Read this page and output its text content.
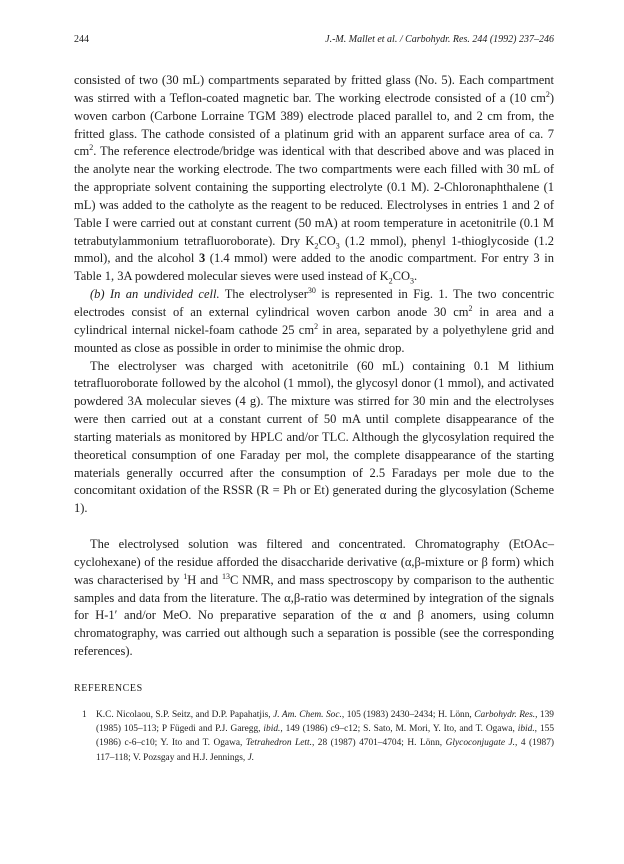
244	J.-M. Mallet et al. / Carbohydr. Res. 244 (1992) 237–246

consisted of two (30 mL) compartments separated by fritted glass (No. 5). Each compartment was stirred with a Teflon-coated magnetic bar. The working electrode consisted of a (10 $cm^2$) woven carbon (Carbone Lorraine TGM 389) electrode placed parallel to, and 2 cm from, the fritted glass. The cathode consisted of a platinum grid with an apparent surface area of ca. 7 $cm^2$. The reference electrode/bridge was identical with that described above and was placed in the anolyte near the working electrode. The two compartments were each filled with 30 mL of the appropriate solvent containing the supporting electrolyte (0.1 M). 2-Chloronaphthalene (1 mL) was added to the catholyte as the reagent to be reduced. Electrolyses in entries 1 and 2 of Table I were carried out at constant current (50 mA) at room temperature in acetonitrile (0.1 M tetrabutylammonium tetrafluoroborate). Dry $K_2CO_3$ (1.2 mmol), phenyl 1-thioglycoside (1.2 mmol), and the alcohol 3 (1.4 mmol) were added to the anodic compartment. For entry 3 in Table 1, 3A powdered molecular sieves were used instead of $K_2CO_3$.

(b) In an undivided cell. The electrolyser$^{30}$ is represented in Fig. 1. The two concentric electrodes consist of an external cylindrical woven carbon anode 30 $cm^2$ in area and a cylindrical internal nickel-foam cathode 25 $cm^2$ in area, separated by a polyethylene grid and mounted as close as possible in order to minimise the ohmic drop.

The electrolyser was charged with acetonitrile (60 mL) containing 0.1 M lithium tetrafluoroborate followed by the alcohol (1 mmol), the glycosyl donor (1 mmol), and activated powdered 3A molecular sieves (4 g). The mixture was stirred for 30 min and the electrolyses were then carried out at a constant current of 50 mA until complete disappearance of the starting materials as monitored by HPLC and/or TLC. Although the glycosylation required the theoretical consumption of one Faraday per mol, the complete disappearance of the starting materials generally occurred after the consumption of 2.5 Faradays per mole due to the concomitant oxidation of the RSSR (R = Ph or Et) generated during the glycosylation (Scheme 1).

The electrolysed solution was filtered and concentrated. Chromatography (EtOAc–cyclohexane) of the residue afforded the disaccharide derivative (α,β-mixture or β form) which was characterised by $^1$H and $^{13}$C NMR, and mass spectroscopy by comparison to the authentic samples and data from the literature. The α,β-ratio was determined by integration of the signals for H-1′ and/or MeO. No preparative separation of the α and β anomers, using column chromatography, was carried out although such a separation is possible (see the corresponding references).

REFERENCES
1 K.C. Nicolaou, S.P. Seitz, and D.P. Papahatjis, J. Am. Chem. Soc., 105 (1983) 2430–2434; H. Lönn, Carbohydr. Res., 139 (1985) 105–113; P Fügedi and P.J. Garegg, ibid., 149 (1986) c9–c12; S. Sato, M. Mori, Y. Ito, and T. Ogawa, ibid., 155 (1986) c-6–c10; Y. Ito and T. Ogawa, Tetrahedron Lett., 28 (1987) 4701–4704; H. Lönn, Glycoconjugate J., 4 (1987) 117–118; V. Pozsgay and H.J. Jennings, J.
